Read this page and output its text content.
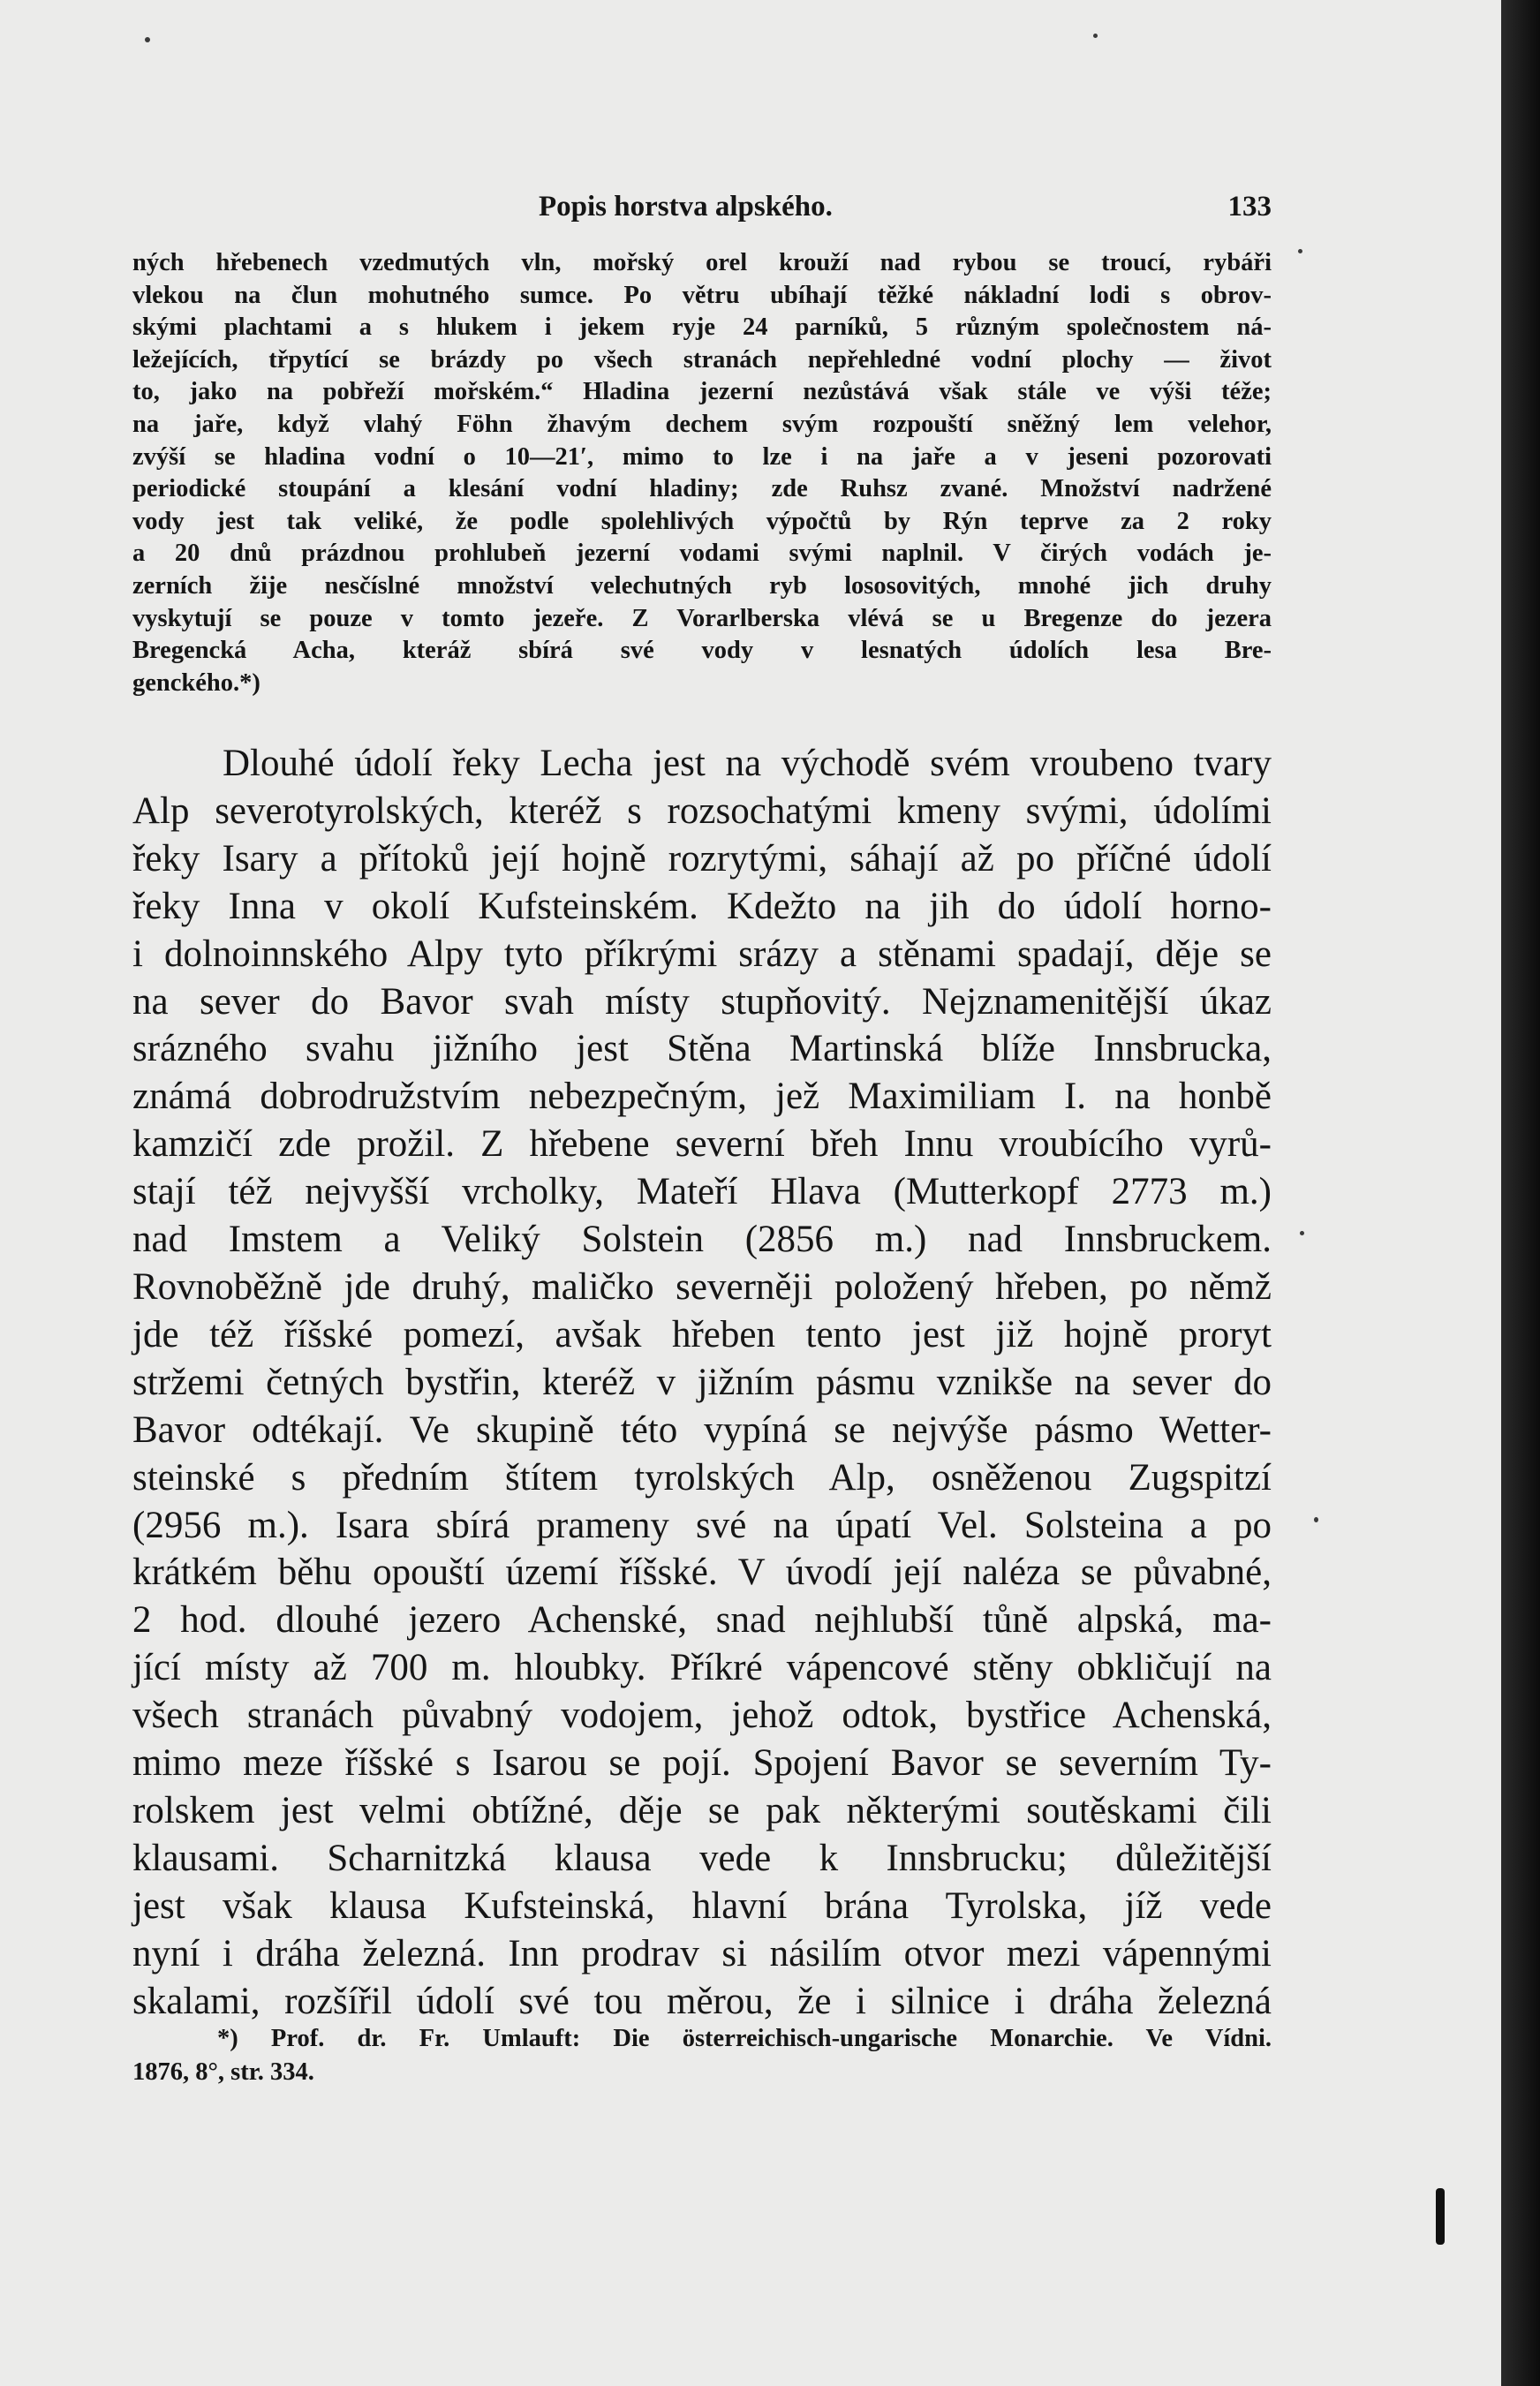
Popis horstva alpského.	133
ných hřebenech vzedmutých vln, mořský orel krouží nad rybou se troucí, rybáři
vlekou na člun mohutného sumce. Po větru ubíhají těžké nákladní lodi s obrov-
skými plachtami a s hlukem i jekem ryje 24 parníků, 5 různým společnostem ná-
ležejících, třpytící se brázdy po všech stranách nepřehledné vodní plochy — život
to, jako na pobřeží mořském.“ Hladina jezerní nezůstává však stále ve výši téže;
na jaře, když vlahý Föhn žhavým dechem svým rozpouští sněžný lem velehor,
zvýší se hladina vodní o 10—21′, mimo to lze i na jaře a v jeseni pozorovati
periodické stoupání a klesání vodní hladiny; zde Ruhsz zvané. Množství nadržené
vody jest tak veliké, že podle spolehlivých výpočtů by Rýn teprve za 2 roky
a 20 dnů prázdnou prohlubeň jezerní vodami svými naplnil. V čirých vodách je-
zerních žije nesčíslné množství velechutných ryb lososovitých, mnohé jich druhy
vyskytují se pouze v tomto jezeře. Z Vorarlberska vlévá se u Bregenze do jezera
Bregencká Acha, kteráž sbírá své vody v lesnatých údolích lesa Bre-
genckého.*)
Dlouhé údolí řeky Lecha jest na východě svém vroubeno tvary
Alp severotyrolských, kteréž s rozsochatými kmeny svými, údolími
řeky Isary a přítoků její hojně rozrytými, sáhají až po příčné údolí
řeky Inna v okolí Kufsteinském. Kdežto na jih do údolí horno-
i dolnoinnského Alpy tyto příkrými srázy a stěnami spadají, děje se
na sever do Bavor svah místy stupňovitý. Nejznamenitější úkaz
srázného svahu jižního jest Stěna Martinská blíže Innsbrucka,
známá dobrodružstvím nebezpečným, jež Maximiliam I. na honbě
kamzičí zde prožil. Z hřebene severní břeh Innu vroubícího vyrů-
stají též nejvyšší vrcholky, Mateří Hlava (Mutterkopf 2773 m.)
nad Imstem a Veliký Solstein (2856 m.) nad Innsbruckem.
Rovnoběžně jde druhý, maličko severněji položený hřeben, po němž
jde též říšské pomezí, avšak hřeben tento jest již hojně proryt
stržemi četných bystřin, kteréž v jižním pásmu vznikše na sever do
Bavor odtékají. Ve skupině této vypíná se nejvýše pásmo Wetter-
steinské s předním štítem tyrolských Alp, osněženou Zugspitzí
(2956 m.). Isara sbírá prameny své na úpatí Vel. Solsteina a po
krátkém běhu opouští území říšské. V úvodí její naléza se půvabné,
2 hod. dlouhé jezero Achenské, snad nejhlubší tůně alpská, ma-
jící místy až 700 m. hloubky. Příkré vápencové stěny obkličují na
všech stranách půvabný vodojem, jehož odtok, bystřice Achenská,
mimo meze říšské s Isarou se pojí. Spojení Bavor se severním Ty-
rolskem jest velmi obtížné, děje se pak některými soutěskami čili
klausami. Scharnitzká klausa vede k Innsbrucku; důležitější
jest však klausa Kufsteinská, hlavní brána Tyrolska, jíž vede
nyní i dráha železná. Inn prodrav si násilím otvor mezi vápennými
skalami, rozšířil údolí své tou měrou, že i silnice i dráha železná
*) Prof. dr. Fr. Umlauft: Die österreichisch-ungarische Monarchie. Ve Vídni.
1876, 8°, str. 334.
